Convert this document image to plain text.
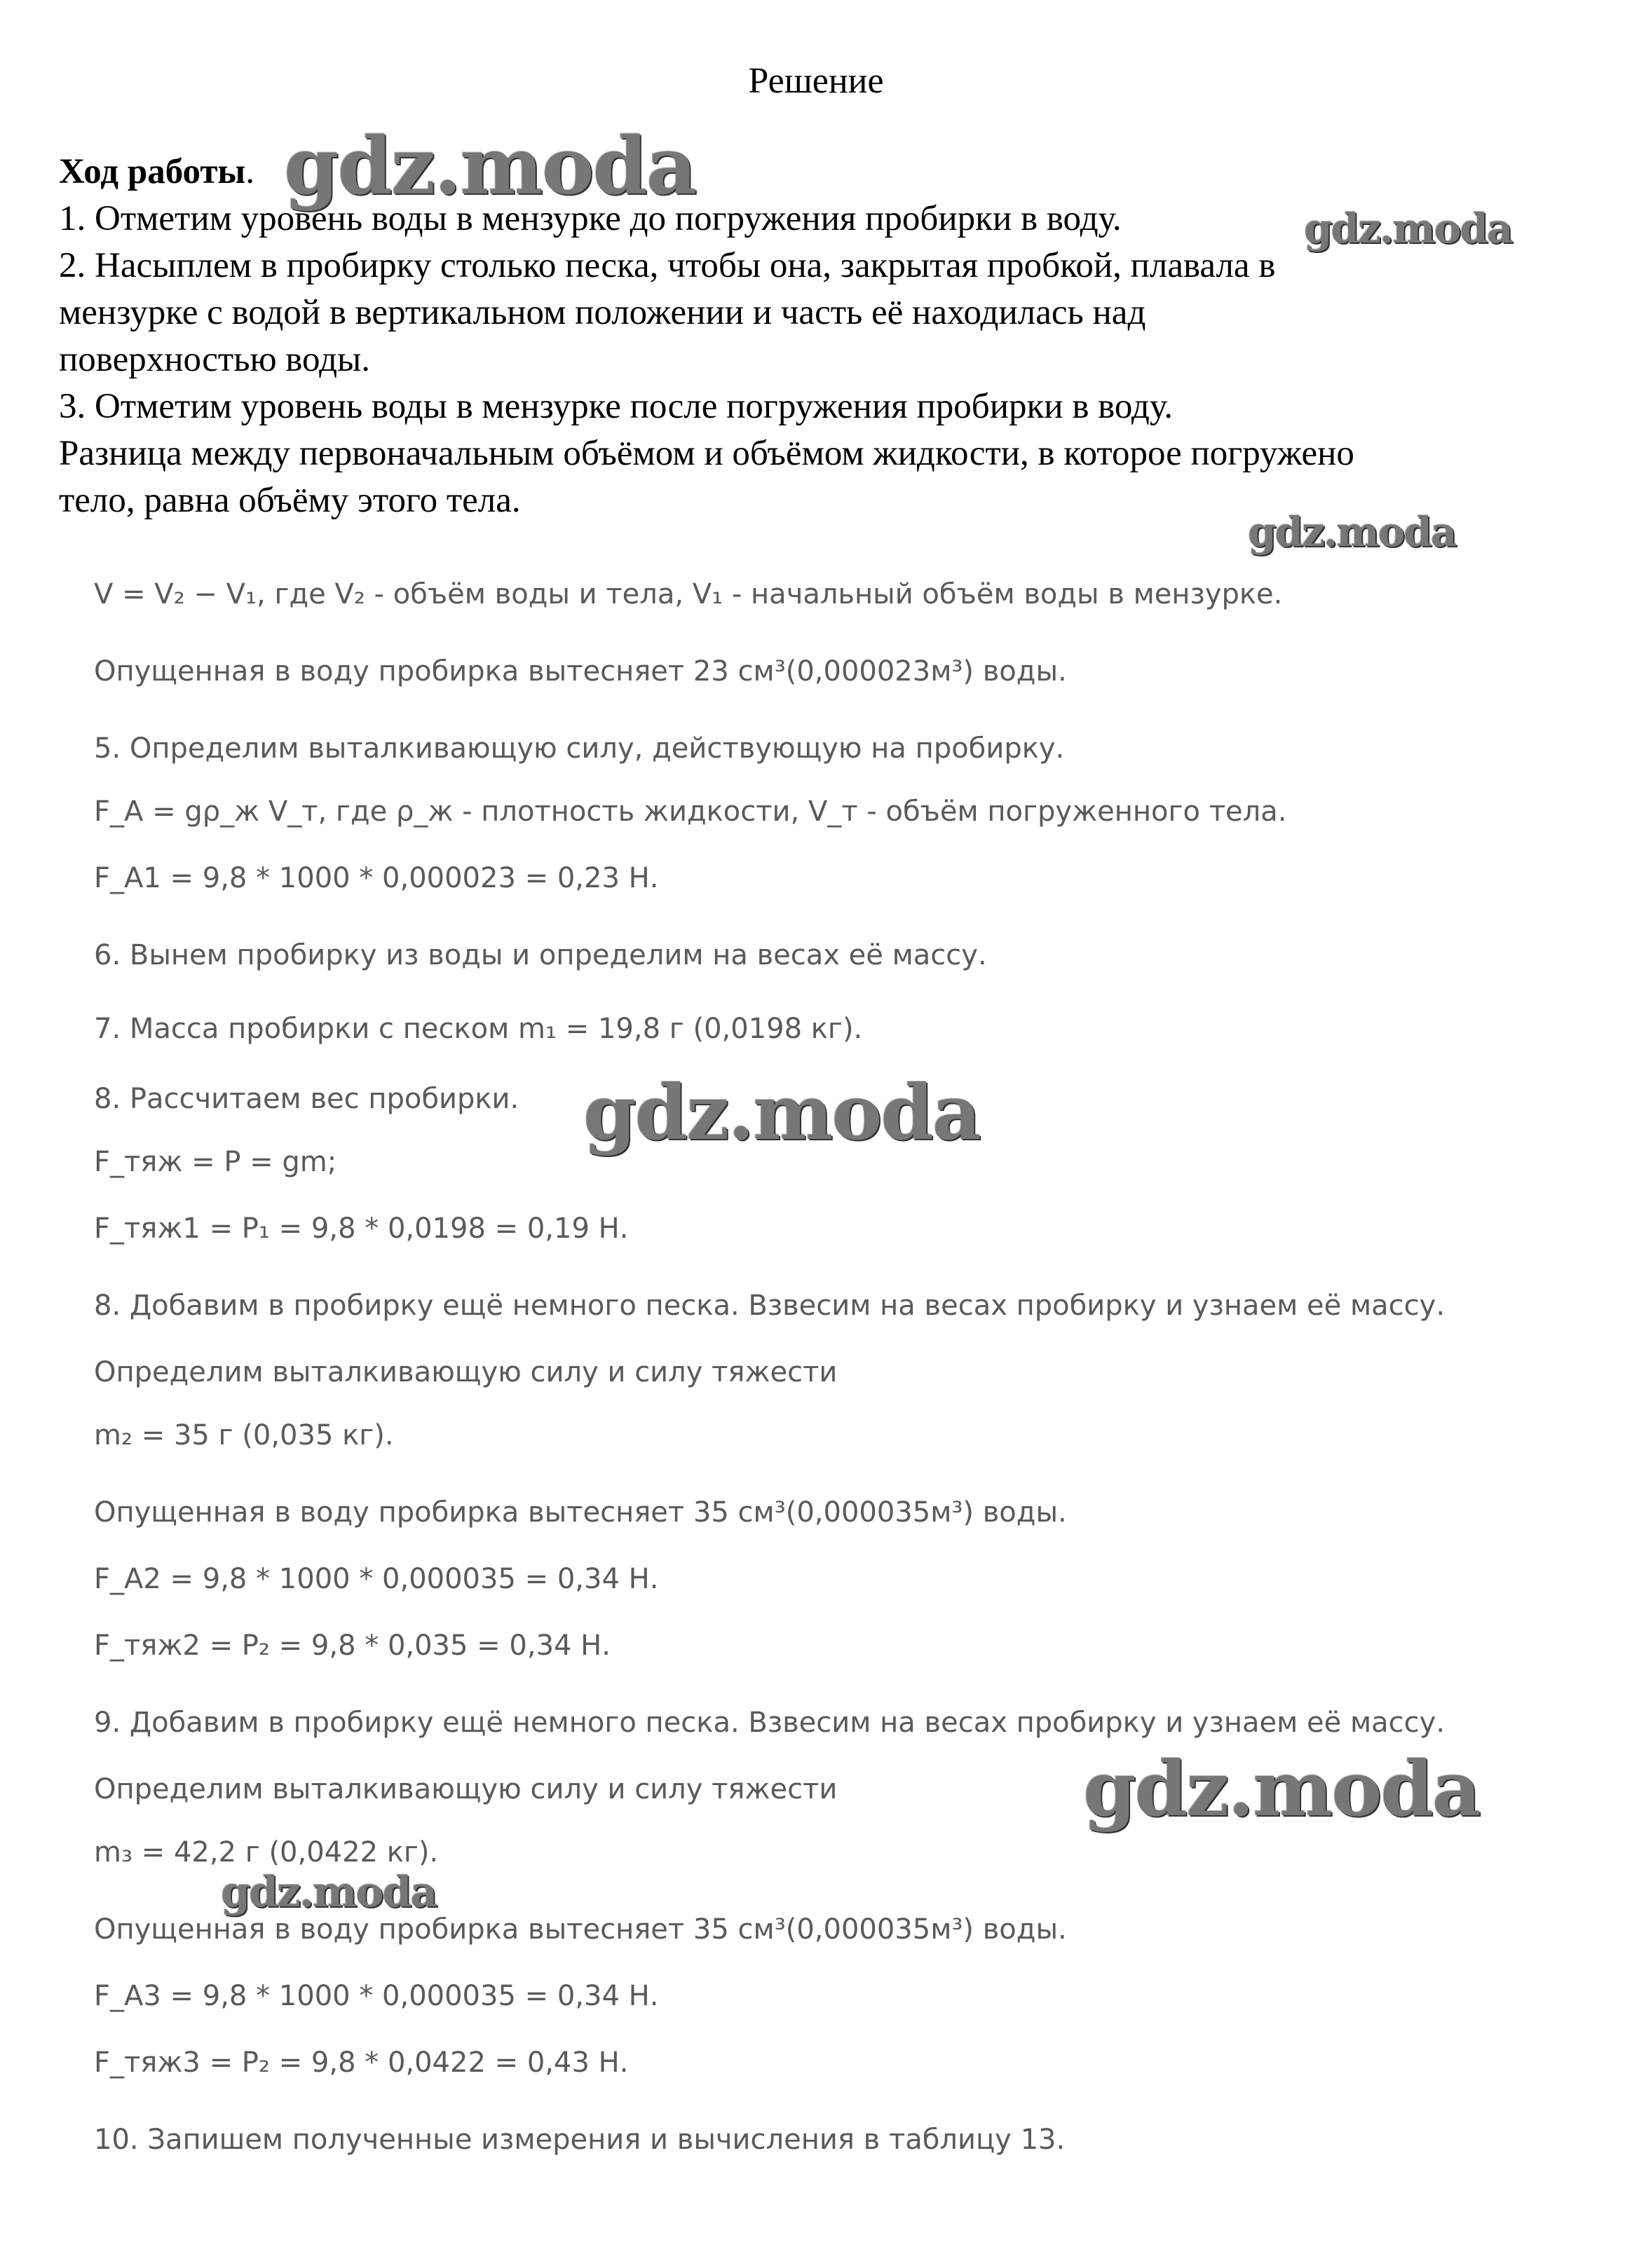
Решение

Ход работы.

1. Отметим уровень воды в мензурке до погружения пробирки в воду.

2. Насыплем в пробирку столько песка, чтобы она, закрытая пробкой, плавала в

мензурке с водой в вертикальном положении и часть её находилась над

поверхностью воды.

3. Отметим уровень воды в мензурке после погружения пробирки в воду.

Разница между первоначальным объёмом и объёмом жидкости, в которое погружено

тело, равна объёму этого тела.

V = V₂ − V₁, где V₂ - объём воды и тела, V₁ - начальный объём воды в мензурке.
Опущенная в воду пробирка вытесняет 23 см³(0,000023м³) воды.
5. Определим выталкивающую силу, действующую на пробирку.
F_A = gρ_ж V_т, где ρ_ж - плотность жидкости, V_т - объём погруженного тела.
F_A1 = 9,8 * 1000 * 0,000023 = 0,23 Н.
6. Вынем пробирку из воды и определим на весах её массу.
7. Масса пробирки с песком m₁ = 19,8 г (0,0198 кг).
8. Рассчитаем вес пробирки.
F_тяж = P = gm;
F_тяж1 = P₁ = 9,8 * 0,0198 = 0,19 Н.
8. Добавим в пробирку ещё немного песка. Взвесим на весах пробирку и узнаем её массу.
Определим выталкивающую силу и силу тяжести
m₂ = 35 г (0,035 кг).
Опущенная в воду пробирка вытесняет 35 см³(0,000035м³) воды.
F_A2 = 9,8 * 1000 * 0,000035 = 0,34 Н.
F_тяж2 = P₂ = 9,8 * 0,035 = 0,34 Н.
9. Добавим в пробирку ещё немного песка. Взвесим на весах пробирку и узнаем её массу.
Определим выталкивающую силу и силу тяжести
m₃ = 42,2 г (0,0422 кг).
Опущенная в воду пробирка вытесняет 35 см³(0,000035м³) воды.
F_A3 = 9,8 * 1000 * 0,000035 = 0,34 Н.
F_тяж3 = P₂ = 9,8 * 0,0422 = 0,43 Н.
10. Запишем полученные измерения и вычисления в таблицу 13.
gdz.moda
gdz.moda
gdz.moda
gdz.moda
gdz.moda
gdz.moda
